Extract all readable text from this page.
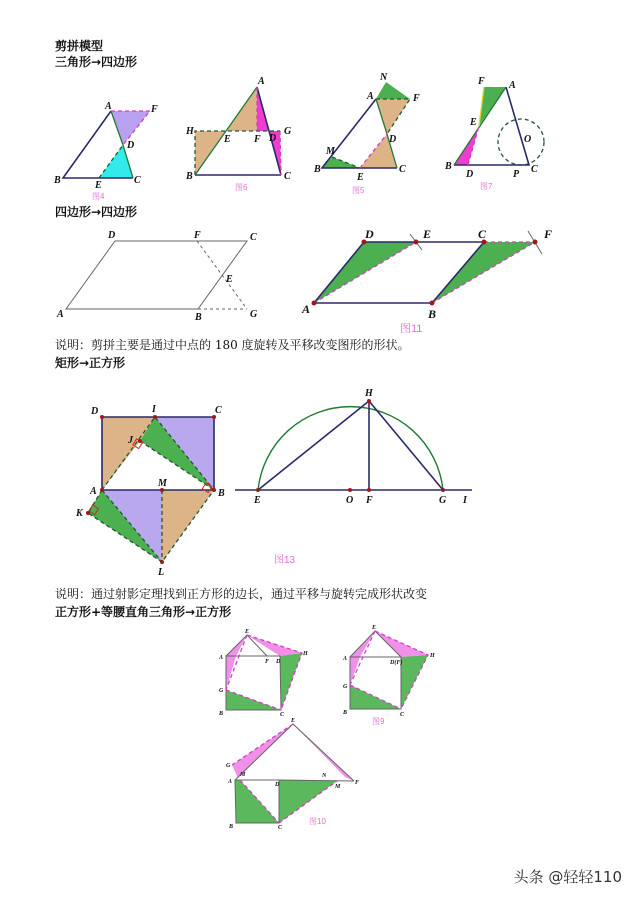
剪拼模型
三角形→四边形
四边形→四边形
说明：剪拼主要是通过中点的 180 度旋转及平移改变图形的形状。
矩形→正方形
说明：通过射影定理找到正方形的边长，通过平移与旋转完成形状改变
正方形+等腰直角三角形→正方形
A	F
D
B	E	C
图4
A
H
E F D
G
B	C
图6
N
A	F
D
M
B
E
C
图5
F A
E
O
B
D	P C
图7
D	F	C
E
A	B	G
D	E	C	F
A	B
图11
D	I	C
J
A
M
B
K
L
H
E	O F	G I
图13
E
A
F D
H
G
B	C
E
A
D(F)
H
G
B	C
图9
E
G
M
A	D
N
M
F
B	C
图10
头条 @轻轻110
